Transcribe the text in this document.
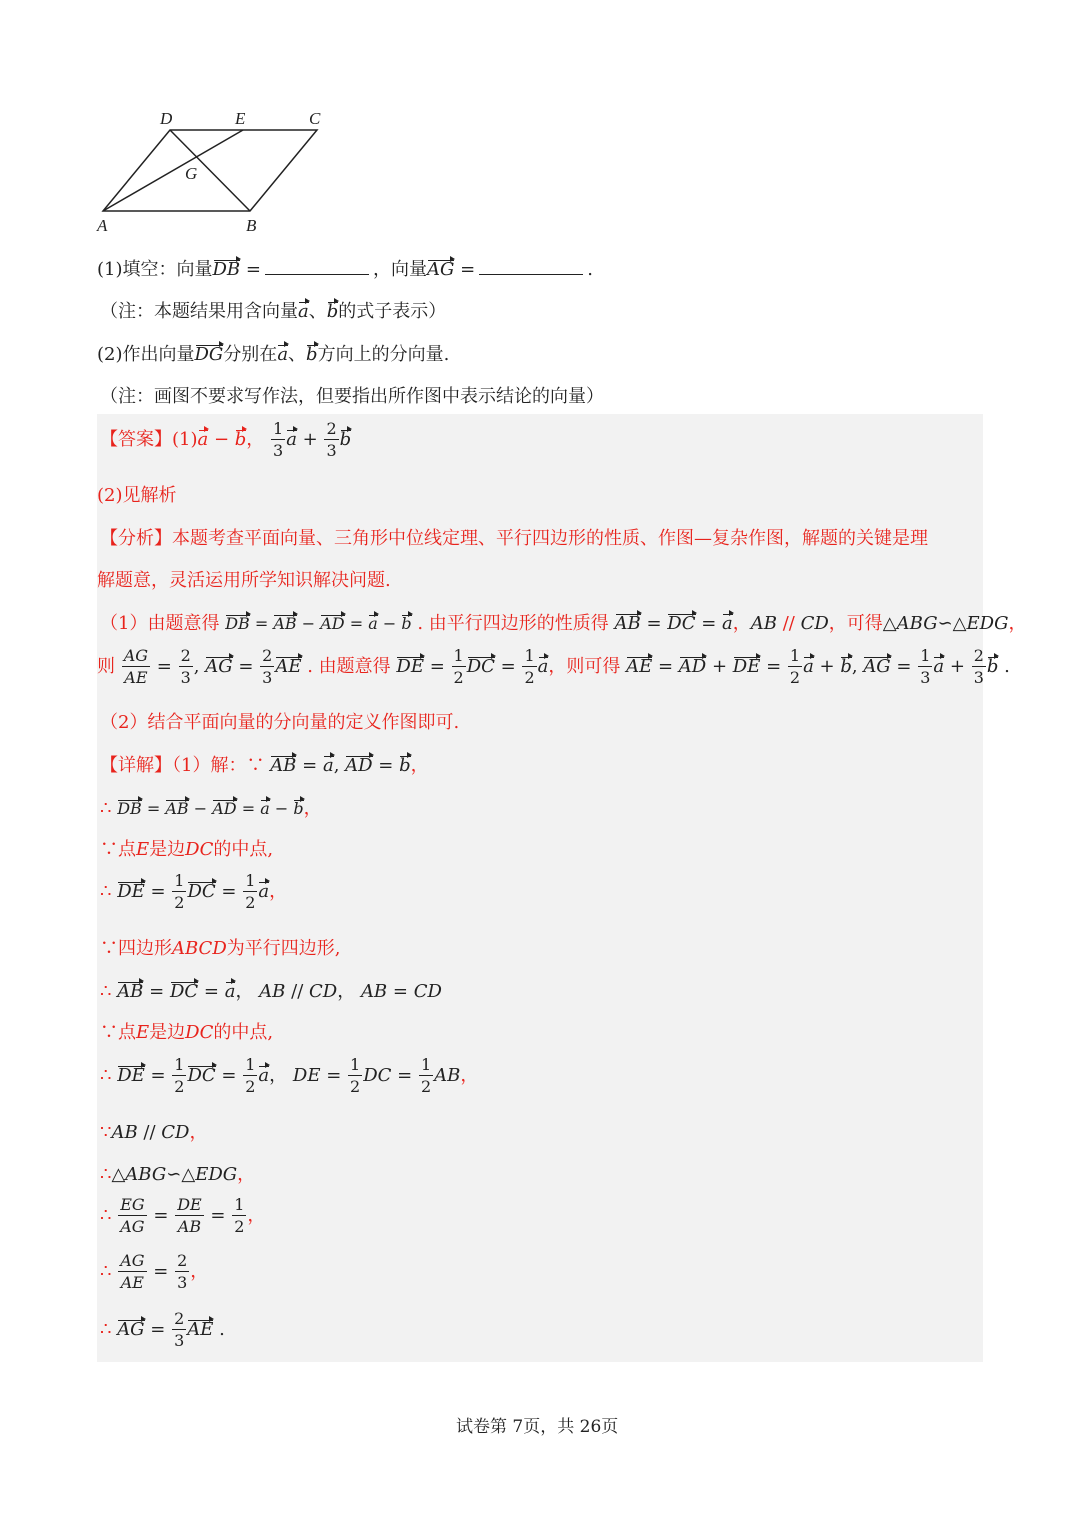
D	E	C
G
A	B
(1)填空：向量DB =	，向量AG =	.
（注：本题结果用含向量a、b的式子表示）
(2)作出向量DG分别在a、b方向上的分向量.
（注：画图不要求写作法，但要指出所作图中表示结论的向量）
【答案】(1)a − b， $\frac{1}{3}$ $a + \frac{2}{3}$ b
(2)见解析
【分析】本题考查平面向量、三角形中位线定理、平行四边形的性质、作图—复杂作图，解题的关键是理
解题意，灵活运用所学知识解决问题.
（1）由题意得 DB = AB − AD = a − b . 由平行四边形的性质得 AB = DC = a，AB // CD，可得△ABG∽△EDG，
则 $\frac{AG}{AE} = \frac{2}{3}$ , AG = $\frac{2}{3}$ AE . 由题意得 DE = $\frac{1}{2}$ DC = $\frac{1}{2}$ a，则可得 AE = AD + DE = $\frac{1}{2}$ a + b, AG = $\frac{1}{3}$ $a + \frac{2}{3}$ b .
（2）结合平面向量的分向量的定义作图即可.
【详解】（1）解：∵ AB = a, AD = b，
∴ DB = AB − AD = a − b，
∵点E是边DC的中点,
∴ DE = $\frac{1}{2}$ DC = $\frac{1}{2}$ a，
∵四边形ABCD为平行四边形,
∴ AB = DC = a， AB // CD， AB = CD
∵点E是边DC的中点,
∴ DE = $\frac{1}{2}$ DC = $\frac{1}{2}$ a， DE = $\frac{1}{2}$ DC = $\frac{1}{2}$ AB，
∵AB // CD，
∴△ABG∽△EDG，
∴ $\frac{EG}{AG} = \frac{DE}{AB} = \frac{1}{2}$ ，
∴ $\frac{AG}{AE} = \frac{2}{3}$ ，
∴ AG = $\frac{2}{3}$ AE .
试卷第 7页，共 26页
